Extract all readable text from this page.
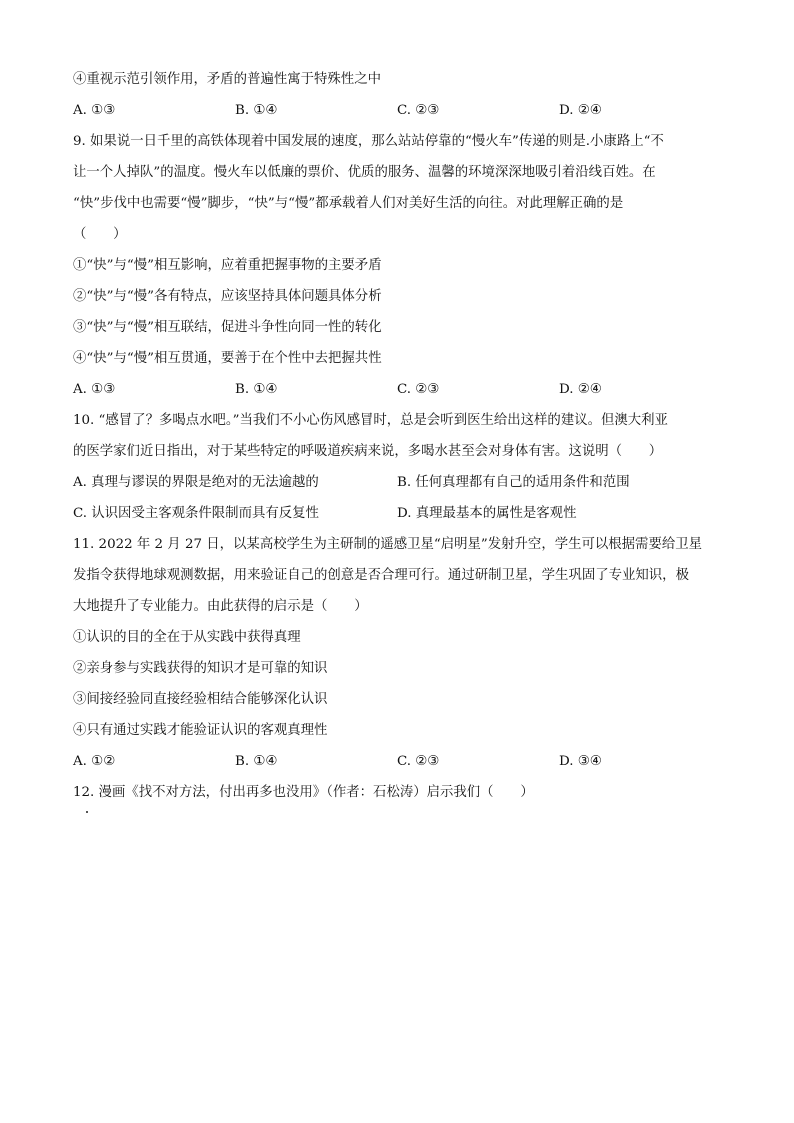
④重视示范引领作用，矛盾的普遍性寓于特殊性之中
A. ①③	B. ①④	C. ②③	D. ②④
9. 如果说一日千里的高铁体现着中国发展的速度，那么站站停靠的“慢火车”传递的则是.小康路上“不
让一个人掉队”的温度。慢火车以低廉的票价、优质的服务、温馨的环境深深地吸引着沿线百姓。在
“快”步伐中也需要“慢”脚步，“快”与“慢”都承载着人们对美好生活的向往。对此理解正确的是
（　　）
①“快”与“慢”相互影响，应着重把握事物的主要矛盾
②“快”与“慢”各有特点，应该坚持具体问题具体分析
③“快”与“慢”相互联结，促进斗争性向同一性的转化
④“快”与“慢”相互贯通，要善于在个性中去把握共性
A. ①③	B. ①④	C. ②③	D. ②④
10. “感冒了？多喝点水吧。”当我们不小心伤风感冒时，总是会听到医生给出这样的建议。但澳大利亚
的医学家们近日指出，对于某些特定的呼吸道疾病来说，多喝水甚至会对身体有害。这说明（　　）
A. 真理与谬误的界限是绝对的无法逾越的	B. 任何真理都有自己的适用条件和范围
C. 认识因受主客观条件限制而具有反复性	D. 真理最基本的属性是客观性
11. 2022 年 2 月 27 日，以某高校学生为主研制的遥感卫星“启明星”发射升空，学生可以根据需要给卫星
发指令获得地球观测数据，用来验证自己的创意是否合理可行。通过研制卫星，学生巩固了专业知识，极
大地提升了专业能力。由此获得的启示是（　　）
①认识的目的全在于从实践中获得真理
②亲身参与实践获得的知识才是可靠的知识
③间接经验同直接经验相结合能够深化认识
④只有通过实践才能验证认识的客观真理性
A. ①②	B. ①④	C. ②③	D. ③④
12. 漫画《找不对方法，付出再多也没用》（作者：石松涛）启示我们（　　）
